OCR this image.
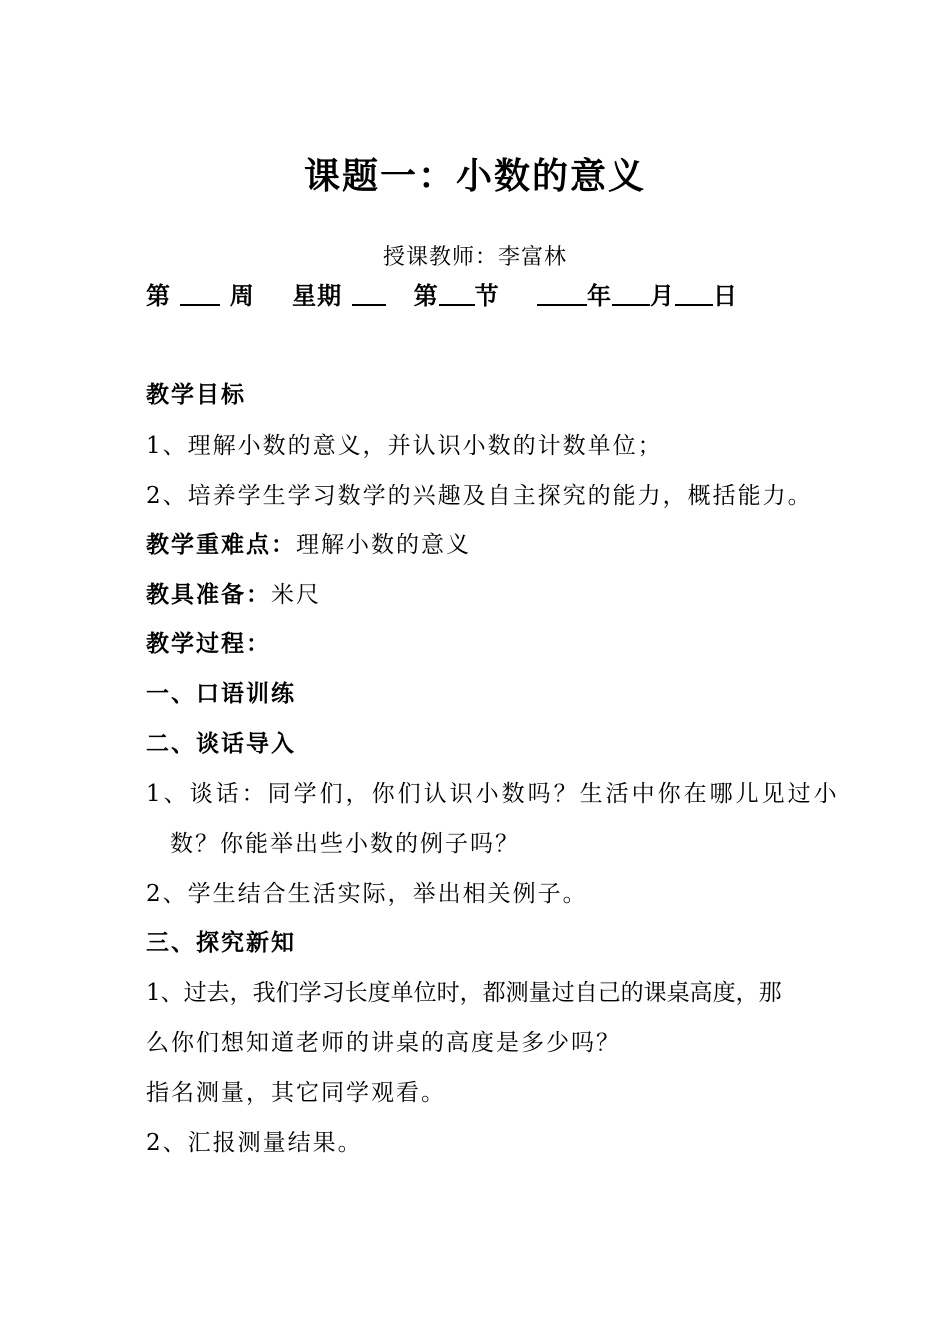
课题一：小数的意义
授课教师：李富林
第 周 星期	第 节	年 月 日
教学目标
1、理解小数的意义，并认识小数的计数单位；
2、培养学生学习数学的兴趣及自主探究的能力，概括能力。
教学重难点：理解小数的意义
教具准备：米尺
教学过程：
一、口语训练
二、谈话导入
1、谈话：同学们，你们认识小数吗？生活中你在哪儿见过小
数？你能举出些小数的例子吗？
2、学生结合生活实际，举出相关例子。
三、探究新知
1、过去，我们学习长度单位时，都测量过自己的课桌高度，那
么你们想知道老师的讲桌的高度是多少吗？
指名测量，其它同学观看。
2、汇报测量结果。
